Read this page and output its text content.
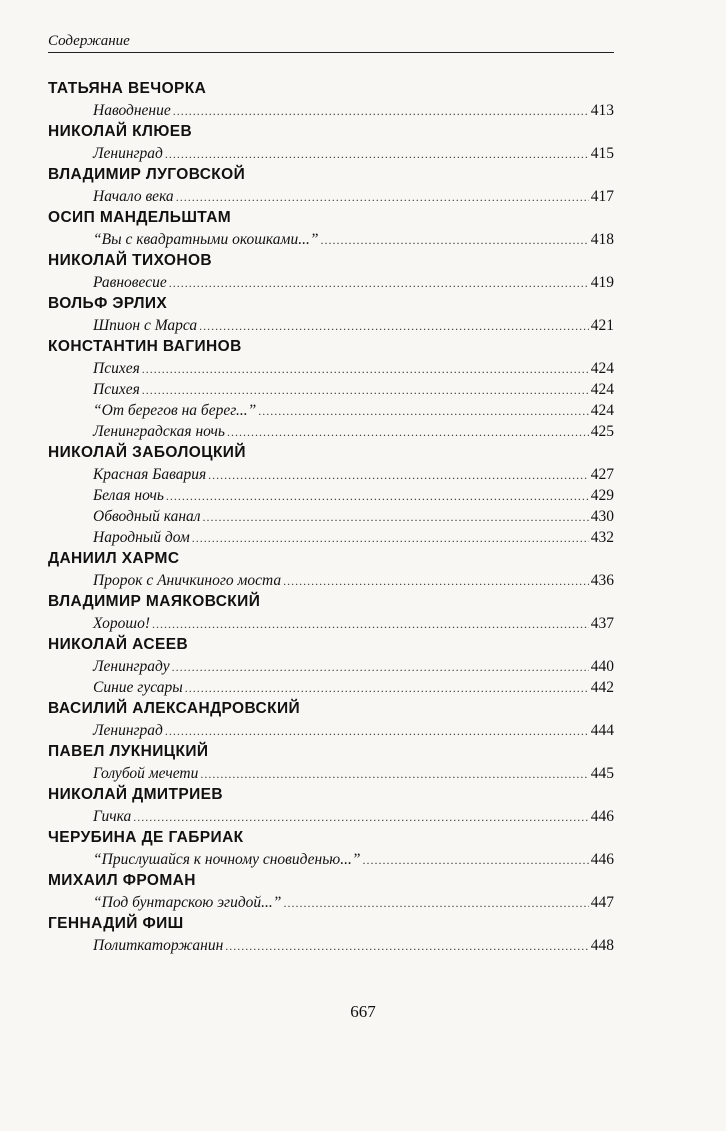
Содержание
ТАТЬЯНА ВЕЧОРКА
Наводнение .....	413
НИКОЛАЙ КЛЮЕВ
Ленинград .....	415
ВЛАДИМИР ЛУГОВСКОЙ
Начало века .....	417
ОСИП МАНДЕЛЬШТАМ
“Вы с квадратными окошками...” .....	418
НИКОЛАЙ ТИХОНОВ
Равновесие .....	419
ВОЛЬФ ЭРЛИХ
Шпион с Марса .....	421
КОНСТАНТИН ВАГИНОВ
Психея .....	424
Психея .....	424
“От берегов на берег...” .....	424
Ленинградская ночь .....	425
НИКОЛАЙ ЗАБОЛОЦКИЙ
Красная Бавария .....	427
Белая ночь .....	429
Обводный канал .....	430
Народный дом .....	432
ДАНИИЛ ХАРМС
Пророк с Аничкиного моста .....	436
ВЛАДИМИР МАЯКОВСКИЙ
Хорошо! .....	437
НИКОЛАЙ АСЕЕВ
Ленинграду .....	440
Синие гусары .....	442
ВАСИЛИЙ АЛЕКСАНДРОВСКИЙ
Ленинград .....	444
ПАВЕЛ ЛУКНИЦКИЙ
Голубой мечети .....	445
НИКОЛАЙ ДМИТРИЕВ
Гичка .....	446
ЧЕРУБИНА ДЕ ГАБРИАК
“Прислушайся к ночному сновиденью...” .....	446
МИХАИЛ ФРОМАН
“Под бунтарскою эгидой...” .....	447
ГЕННАДИЙ ФИШ
Политкаторжанин .....	448
667
